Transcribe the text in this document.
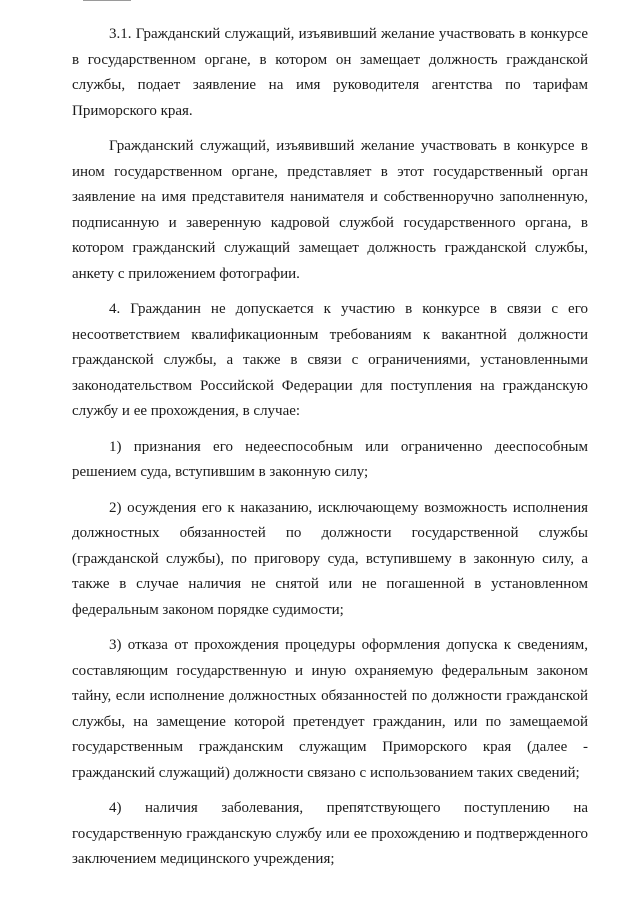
3.1. Гражданский служащий, изъявивший желание участвовать в конкурсе в государственном органе, в котором он замещает должность гражданской службы, подает заявление на имя руководителя агентства по тарифам Приморского края.

Гражданский служащий, изъявивший желание участвовать в конкурсе в ином государственном органе, представляет в этот государственный орган заявление на имя представителя нанимателя и собственноручно заполненную, подписанную и заверенную кадровой службой государственного органа, в котором гражданский служащий замещает должность гражданской службы, анкету с приложением фотографии.

4. Гражданин не допускается к участию в конкурсе в связи с его несоответствием квалификационным требованиям к вакантной должности гражданской службы, а также в связи с ограничениями, установленными законодательством Российской Федерации для поступления на гражданскую службу и ее прохождения, в случае:

1) признания его недееспособным или ограниченно дееспособным решением суда, вступившим в законную силу;

2) осуждения его к наказанию, исключающему возможность исполнения должностных обязанностей по должности государственной службы (гражданской службы), по приговору суда, вступившему в законную силу, а также в случае наличия не снятой или не погашенной в установленном федеральным законом порядке судимости;

3) отказа от прохождения процедуры оформления допуска к сведениям, составляющим государственную и иную охраняемую федеральным законом тайну, если исполнение должностных обязанностей по должности гражданской службы, на замещение которой претендует гражданин, или по замещаемой государственным гражданским служащим Приморского края (далее - гражданский служащий) должности связано с использованием таких сведений;

4) наличия заболевания, препятствующего поступлению на государственную гражданскую службу или ее прохождению и подтвержденного заключением медицинского учреждения;
